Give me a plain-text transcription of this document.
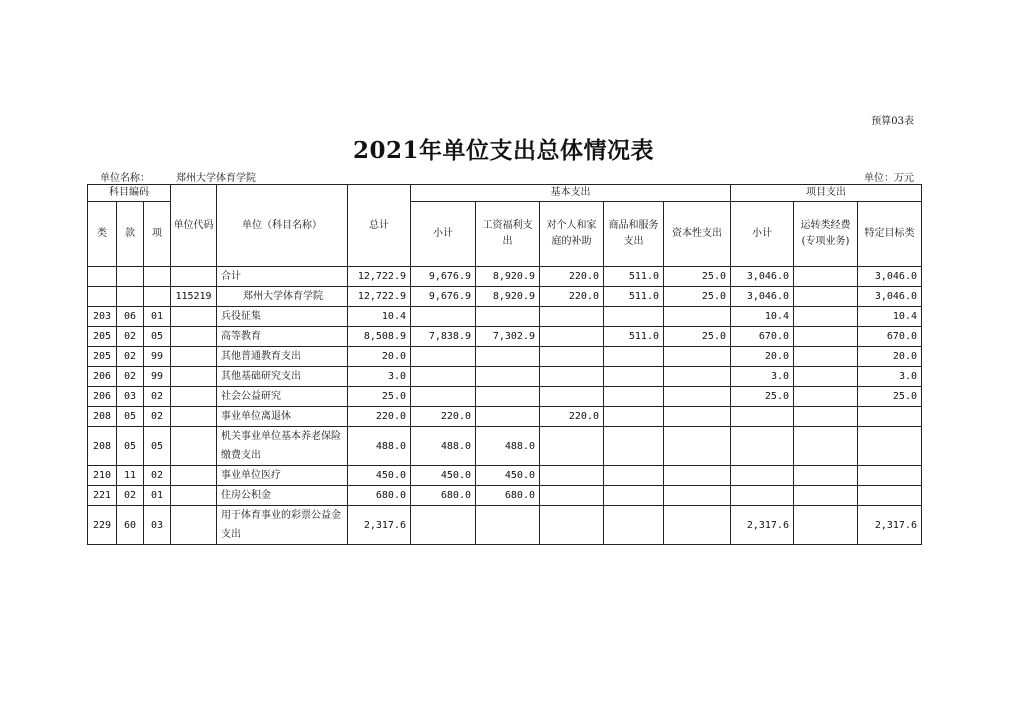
预算03表
2021年单位支出总体情况表
单位名称：	郑州大学体育学院	单位：万元
科目编码			单位代码	单位（科目名称）	总计	基本支出					项目支出		
类	款	项				小计	工资福利支出	对个人和家庭的补助	商品和服务支出	资本性支出	小计	运转类经费(专项业务)	特定目标类
				合计	12,722.9	9,676.9	8,920.9	220.0	511.0	25.0	3,046.0		3,046.0
			115219	郑州大学体育学院	12,722.9	9,676.9	8,920.9	220.0	511.0	25.0	3,046.0		3,046.0
203	06	01		兵役征集	10.4						10.4		10.4
205	02	05		高等教育	8,508.9	7,838.9	7,302.9		511.0	25.0	670.0		670.0
205	02	99		其他普通教育支出	20.0						20.0		20.0
206	02	99		其他基础研究支出	3.0						3.0		3.0
206	03	02		社会公益研究	25.0						25.0		25.0
208	05	02		事业单位离退休	220.0	220.0		220.0					
208	05	05		机关事业单位基本养老保险缴费支出	488.0	488.0	488.0						
210	11	02		事业单位医疗	450.0	450.0	450.0						
221	02	01		住房公积金	680.0	680.0	680.0						
229	60	03		用于体育事业的彩票公益金支出	2,317.6						2,317.6		2,317.6
